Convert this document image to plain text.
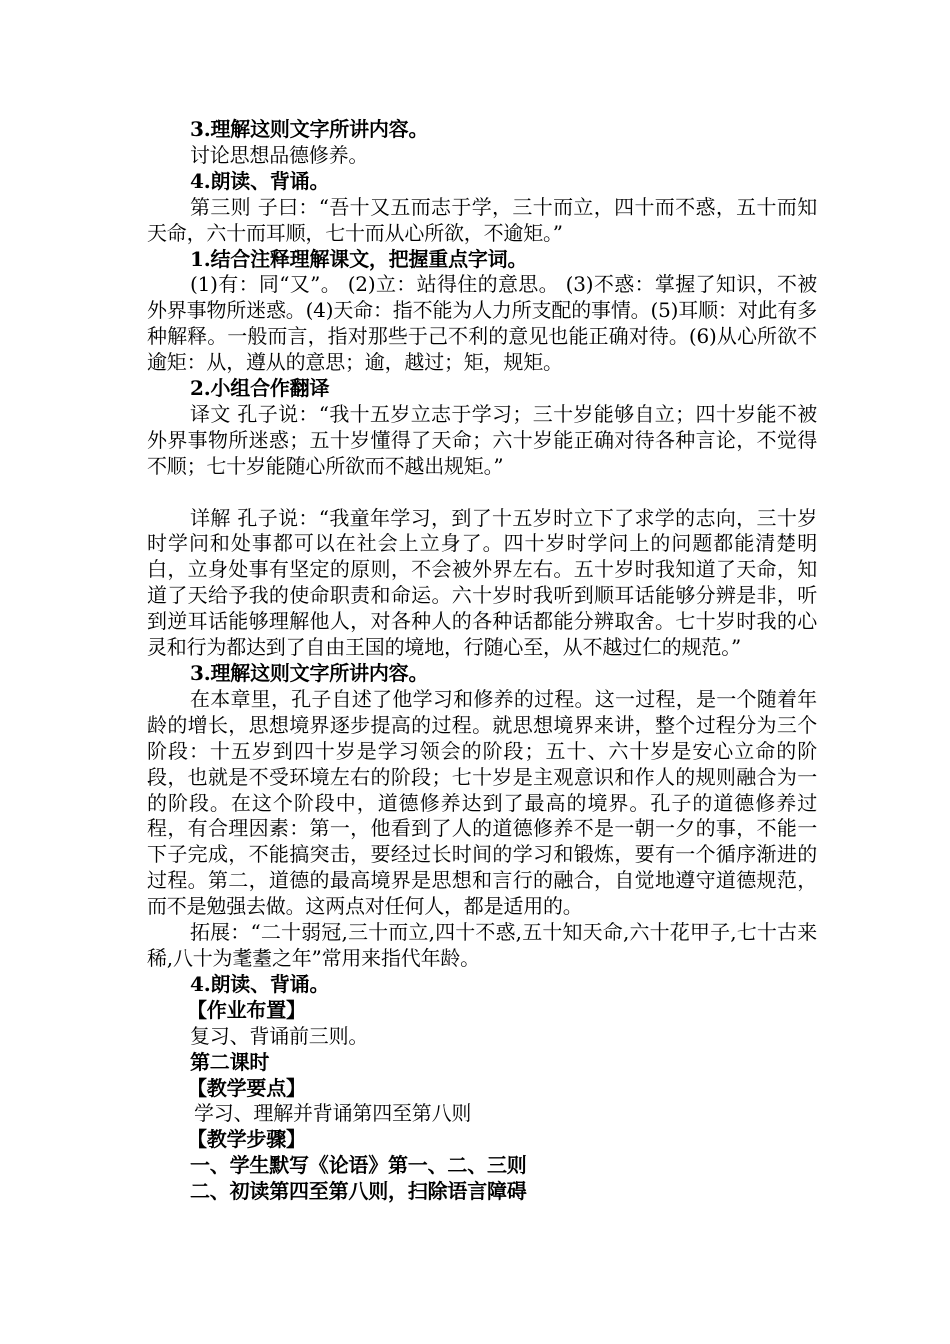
3.理解这则文字所讲内容。

讨论思想品德修养。

4.朗读、背诵。

第三则 子曰：“吾十又五而志于学，三十而立，四十而不惑，五十而知天命，六十而耳顺，七十而从心所欲，不逾矩。”

1.结合注释理解课文，把握重点字词。

(1)有：同“又”。 (2)立：站得住的意思。 (3)不惑：掌握了知识，不被外界事物所迷惑。(4)天命：指不能为人力所支配的事情。(5)耳顺：对此有多种解释。一般而言，指对那些于己不利的意见也能正确对待。(6)从心所欲不逾矩：从，遵从的意思；逾，越过；矩，规矩。

2.小组合作翻译

译文 孔子说：“我十五岁立志于学习；三十岁能够自立；四十岁能不被外界事物所迷惑；五十岁懂得了天命；六十岁能正确对待各种言论，不觉得不顺；七十岁能随心所欲而不越出规矩。”

详解 孔子说：“我童年学习，到了十五岁时立下了求学的志向，三十岁时学问和处事都可以在社会上立身了。四十岁时学问上的问题都能清楚明白，立身处事有坚定的原则，不会被外界左右。五十岁时我知道了天命，知道了天给予我的使命职责和命运。六十岁时我听到顺耳话能够分辨是非，听到逆耳话能够理解他人，对各种人的各种话都能分辨取舍。七十岁时我的心灵和行为都达到了自由王国的境地，行随心至，从不越过仁的规范。”

3.理解这则文字所讲内容。

在本章里，孔子自述了他学习和修养的过程。这一过程，是一个随着年龄的增长，思想境界逐步提高的过程。就思想境界来讲，整个过程分为三个阶段：十五岁到四十岁是学习领会的阶段；五十、六十岁是安心立命的阶段，也就是不受环境左右的阶段；七十岁是主观意识和作人的规则融合为一的阶段。在这个阶段中，道德修养达到了最高的境界。孔子的道德修养过程，有合理因素：第一，他看到了人的道德修养不是一朝一夕的事，不能一下子完成，不能搞突击，要经过长时间的学习和锻炼，要有一个循序渐进的过程。第二，道德的最高境界是思想和言行的融合，自觉地遵守道德规范，而不是勉强去做。这两点对任何人，都是适用的。

拓展：“二十弱冠,三十而立,四十不惑,五十知天命,六十花甲子,七十古来稀,八十为耄耋之年”常用来指代年龄。

4.朗读、背诵。

【作业布置】

复习、背诵前三则。

第二课时

【教学要点】

学习、理解并背诵第四至第八则

【教学步骤】

一、学生默写《论语》第一、二、三则

二、初读第四至第八则，扫除语言障碍
